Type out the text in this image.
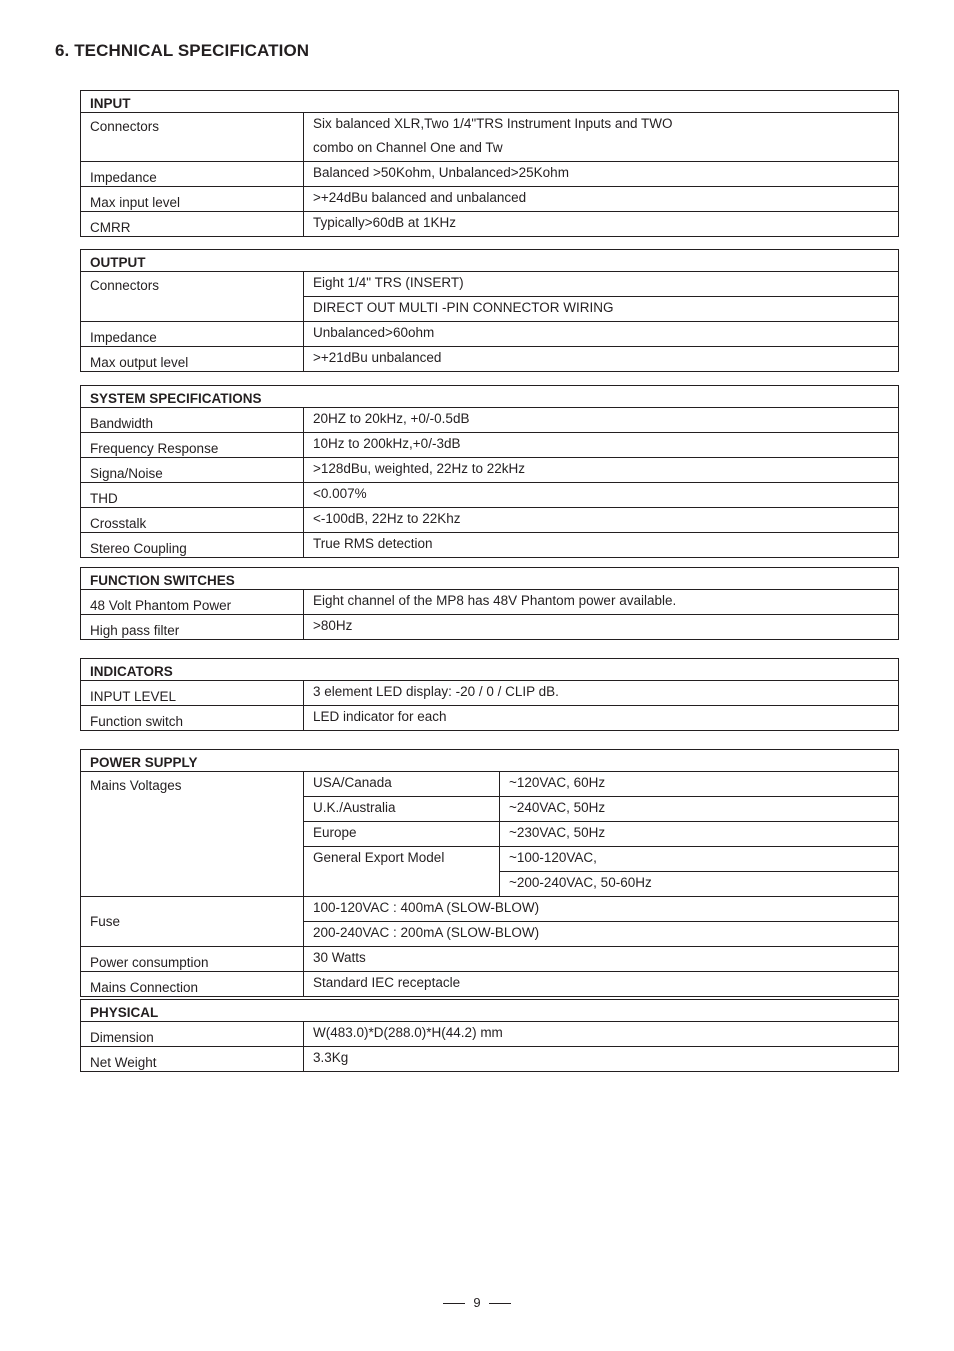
6. TECHNICAL SPECIFICATION
INPUT	
Connectors	Six balanced XLR,Two 1/4"TRS Instrument Inputs and TWO
	combo on Channel One and Tw
Impedance	Balanced >50Kohm, Unbalanced>25Kohm
Max input level	>+24dBu balanced and unbalanced
CMRR	Typically>60dB at 1KHz
OUTPUT	
Connectors	Eight 1/4" TRS (INSERT)
	DIRECT OUT MULTI -PIN CONNECTOR WIRING
Impedance	Unbalanced>60ohm
Max output level	>+21dBu unbalanced
SYSTEM SPECIFICATIONS	
Bandwidth	20HZ to 20kHz, +0/-0.5dB
Frequency Response	10Hz to 200kHz,+0/-3dB
Signa/Noise	>128dBu, weighted, 22Hz to 22kHz
THD	<0.007%
Crosstalk	<-100dB, 22Hz to 22Khz
Stereo Coupling	True RMS detection
FUNCTION SWITCHES	
48 Volt Phantom Power	Eight channel of the MP8 has 48V Phantom power available.
High pass filter	>80Hz
INDICATORS	
INPUT LEVEL	3 element LED display: -20 / 0 / CLIP dB.
Function switch	LED indicator for each
POWER SUPPLY		
Mains Voltages	USA/Canada	~120VAC, 60Hz
	U.K./Australia	~240VAC, 50Hz
	Europe	~230VAC, 50Hz
	General Export Model	~100-120VAC,
		~200-240VAC, 50-60Hz
Fuse	100-120VAC : 400mA (SLOW-BLOW)	
	200-240VAC : 200mA (SLOW-BLOW)	
Power consumption	30 Watts	
Mains Connection	Standard IEC receptacle	
PHYSICAL	
Dimension	W(483.0)*D(288.0)*H(44.2) mm
Net Weight	3.3Kg
9
